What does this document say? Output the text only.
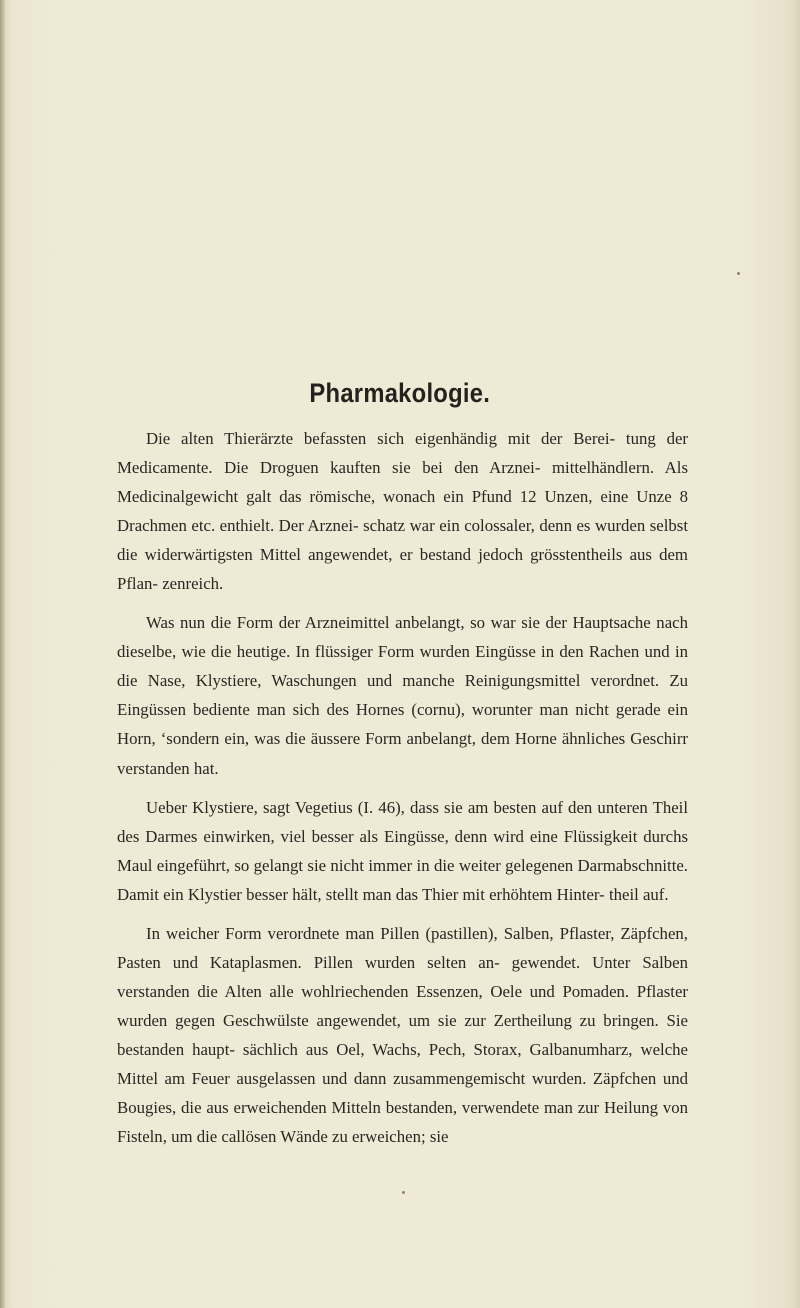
Pharmakologie.

Die alten Thierärzte befassten sich eigenhändig mit der Berei- tung der Medicamente. Die Droguen kauften sie bei den Arznei- mittelhändlern. Als Medicinalgewicht galt das römische, wonach ein Pfund 12 Unzen, eine Unze 8 Drachmen etc. enthielt. Der Arznei- schatz war ein colossaler, denn es wurden selbst die widerwärtigsten Mittel angewendet, er bestand jedoch grösstentheils aus dem Pflan- zenreich.

Was nun die Form der Arzneimittel anbelangt, so war sie der Hauptsache nach dieselbe, wie die heutige. In flüssiger Form wurden Eingüsse in den Rachen und in die Nase, Klystiere, Waschungen und manche Reinigungsmittel verordnet. Zu Eingüssen bediente man sich des Hornes (cornu), worunter man nicht gerade ein Horn, ‘sondern ein, was die äussere Form anbelangt, dem Horne ähnliches Geschirr verstanden hat.

Ueber Klystiere, sagt Vegetius (I. 46), dass sie am besten auf den unteren Theil des Darmes einwirken, viel besser als Eingüsse, denn wird eine Flüssigkeit durchs Maul eingeführt, so gelangt sie nicht immer in die weiter gelegenen Darmabschnitte. Damit ein Klystier besser hält, stellt man das Thier mit erhöhtem Hinter- theil auf.

In weicher Form verordnete man Pillen (pastillen), Salben, Pflaster, Zäpfchen, Pasten und Kataplasmen. Pillen wurden selten an- gewendet. Unter Salben verstanden die Alten alle wohlriechenden Essenzen, Oele und Pomaden. Pflaster wurden gegen Geschwülste angewendet, um sie zur Zertheilung zu bringen. Sie bestanden haupt- sächlich aus Oel, Wachs, Pech, Storax, Galbanumharz, welche Mittel am Feuer ausgelassen und dann zusammengemischt wurden. Zäpfchen und Bougies, die aus erweichenden Mitteln bestanden, verwendete man zur Heilung von Fisteln, um die callösen Wände zu erweichen; sie
